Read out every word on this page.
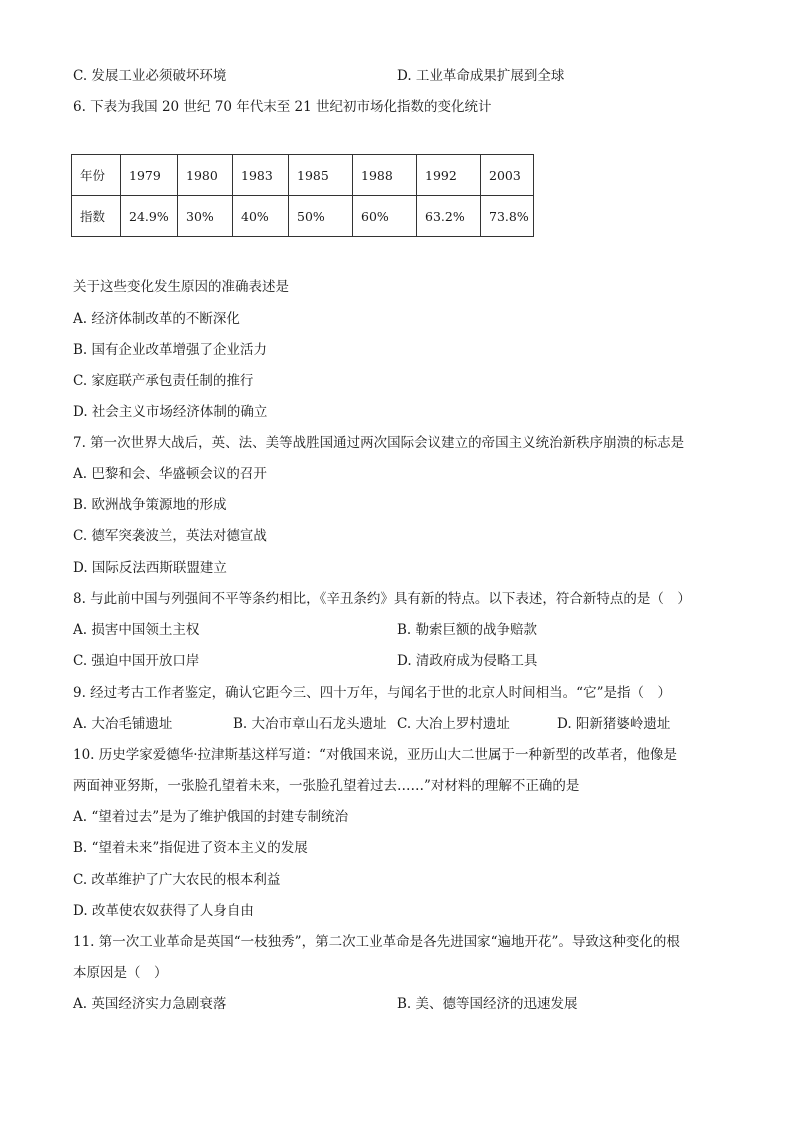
C. 发展工业必须破坏环境	D. 工业革命成果扩展到全球
6. 下表为我国 20 世纪 70 年代末至 21 世纪初市场化指数的变化统计
年份	1979	1980	1983	1985	1988	1992	2003
指数	24.9%	30%	40%	50%	60%	63.2%	73.8%
关于这些变化发生原因的准确表述是
A. 经济体制改革的不断深化
B. 国有企业改革增强了企业活力
C. 家庭联产承包责任制的推行
D. 社会主义市场经济体制的确立
7. 第一次世界大战后，英、法、美等战胜国通过两次国际会议建立的帝国主义统治新秩序崩溃的标志是
A. 巴黎和会、华盛顿会议的召开
B. 欧洲战争策源地的形成
C. 德军突袭波兰，英法对德宣战
D. 国际反法西斯联盟建立
8. 与此前中国与列强间不平等条约相比，《辛丑条约》具有新的特点。以下表述，符合新特点的是（　）
A. 损害中国领土主权	B. 勒索巨额的战争赔款
C. 强迫中国开放口岸	D. 清政府成为侵略工具
9. 经过考古工作者鉴定，确认它距今三、四十万年，与闻名于世的北京人时间相当。“它”是指（　）
A. 大冶毛铺遗址	B. 大冶市章山石龙头遗址 C. 大冶上罗村遗址	D. 阳新猪婆岭遗址
10. 历史学家爱德华·拉津斯基这样写道：“对俄国来说，亚历山大二世属于一种新型的改革者，他像是
两面神亚努斯，一张脸孔望着未来，一张脸孔望着过去……”对材料的理解不正确的是
A. “望着过去”是为了维护俄国的封建专制统治
B. “望着未来”指促进了资本主义的发展
C. 改革维护了广大农民的根本利益
D. 改革使农奴获得了人身自由
11. 第一次工业革命是英国“一枝独秀”，第二次工业革命是各先进国家“遍地开花”。导致这种变化的根
本原因是（　）
A. 英国经济实力急剧衰落	B. 美、德等国经济的迅速发展
